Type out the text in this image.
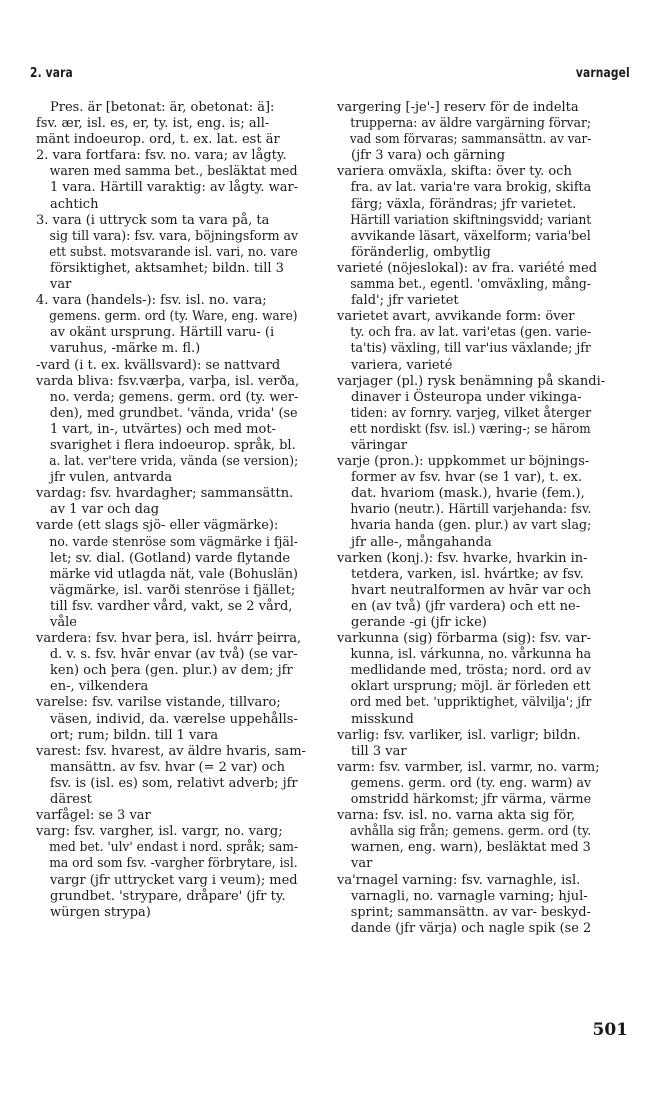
2. vara	varnagel
Pres. är [betonat: är, obetonat: ä]:
fsv. ær, isl. es, er, ty. ist, eng. is; all-
mänt indoeurop. ord, t. ex. lat. est är
2. vara fortfara: fsv. no. vara; av lågty.
waren med samma bet., besläktat med
1 vara. Härtill varaktig: av lågty. war-
achtich
3. vara (i uttryck som ta vara på, ta
sig till vara): fsv. vara, böjningsform av
ett subst. motsvarande isl. vari, no. vare
försiktighet, aktsamhet; bildn. till 3
var
4. vara (handels-): fsv. isl. no. vara;
gemens. germ. ord (ty. Ware, eng. ware)
av okänt ursprung. Härtill varu- (i
varuhus, -märke m. fl.)
-vard (i t. ex. kvällsvard): se nattvard
varda bliva: fsv.værþa, varþa, isl. verða,
no. verda; gemens. germ. ord (ty. wer-
den), med grundbet. 'vända, vrida' (se
1 vart, in-, utvärtes) och med mot-
svarighet i flera indoeurop. språk, bl.
a. lat. ver'tere vrida, vända (se version);
jfr vulen, antvarda
vardag: fsv. hvardagher; sammansättn.
av 1 var och dag
varde (ett slags sjö- eller vägmärke):
no. varde stenröse som vägmärke i fjäl-
let; sv. dial. (Gotland) varde flytande
märke vid utlagda nät, vale (Bohuslän)
vägmärke, isl. varði stenröse i fjället;
till fsv. vardher vård, vakt, se 2 vård,
våle
vardera: fsv. hvar þera, isl. hvárr þeirra,
d. v. s. fsv. hvār envar (av två) (se var-
ken) och þera (gen. plur.) av dem; jfr
en-, vilkendera
varelse: fsv. varilse vistande, tillvaro;
väsen, individ, da. værelse uppehålls-
ort; rum; bildn. till 1 vara
varest: fsv. hvarest, av äldre hvaris, sam-
mansättn. av fsv. hvar (= 2 var) och
fsv. is (isl. es) som, relativt adverb; jfr
därest
varfågel: se 3 var
varg: fsv. vargher, isl. vargr, no. varg;
med bet. 'ulv' endast i nord. språk; sam-
ma ord som fsv. -vargher förbrytare, isl.
vargr (jfr uttrycket varg i veum); med
grundbet. 'strypare, dråpare' (jfr ty.
würgen strypa)
vargering [-je'-] reserv för de indelta
trupperna: av äldre vargärning förvar;
vad som förvaras; sammansättn. av var-
(jfr 3 vara) och gärning
variera omväxla, skifta: över ty. och
fra. av lat. varia're vara brokig, skifta
färg; växla, förändras; jfr varietet.
Härtill variation skiftningsvidd; variant
avvikande läsart, växelform; varia'bel
föränderlig, ombytlig
varieté (nöjeslokal): av fra. variété med
samma bet., egentl. 'omväxling, mång-
fald'; jfr varietet
varietet avart, avvikande form: över
ty. och fra. av lat. vari'etas (gen. varie-
ta'tis) växling, till var'ius växlande; jfr
variera, varieté
varjager (pl.) rysk benämning på skandi-
dinaver i Östeuropa under vikinga-
tiden: av fornry. varjeg, vilket återger
ett nordiskt (fsv. isl.) væring-; se härom
väringar
varje (pron.): uppkommet ur böjnings-
former av fsv. hvar (se 1 var), t. ex.
dat. hvariom (mask.), hvarie (fem.),
hvario (neutr.). Härtill varjehanda: fsv.
hvaria handa (gen. plur.) av vart slag;
jfr alle-, mångahanda
varken (konj.): fsv. hvarke, hvarkin in-
tetdera, varken, isl. hvártke; av fsv.
hvart neutralformen av hvār var och
en (av två) (jfr vardera) och ett ne-
gerande -gi (jfr icke)
varkunna (sig) förbarma (sig): fsv. var-
kunna, isl. várkunna, no. vårkunna ha
medlidande med, trösta; nord. ord av
oklart ursprung; möjl. är förleden ett
ord med bet. 'uppriktighet, välvilja'; jfr
misskund
varlig: fsv. varliker, isl. varligr; bildn.
till 3 var
varm: fsv. varmber, isl. varmr, no. varm;
gemens. germ. ord (ty. eng. warm) av
omstridd härkomst; jfr värma, värme
varna: fsv. isl. no. varna akta sig för,
avhålla sig från; gemens. germ. ord (ty.
warnen, eng. warn), besläktat med 3
var
va'rnagel varning: fsv. varnaghle, isl.
varnagli, no. varnagle varning; hjul-
sprint; sammansättn. av var- beskyd-
dande (jfr värja) och nagle spik (se 2
501
